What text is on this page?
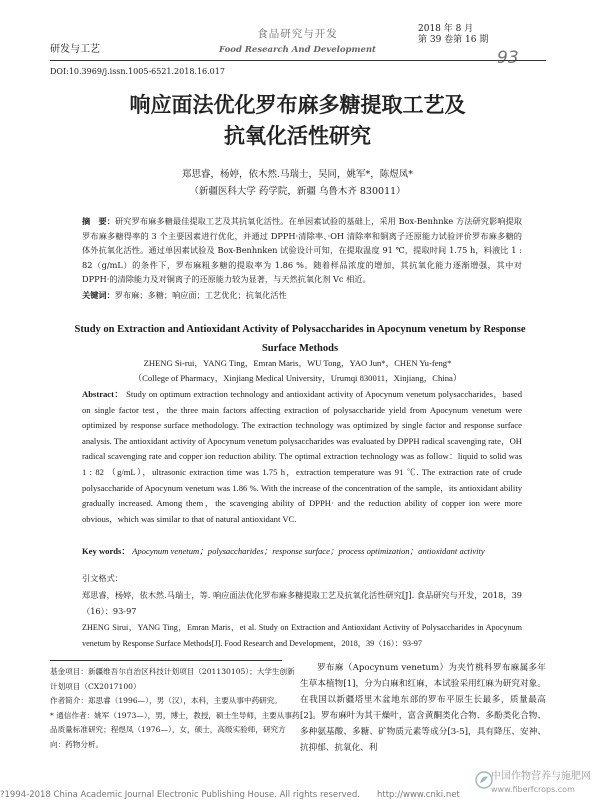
研发与工艺
食品研究与开发
Food Research And Development
2018 年 8 月
第 39 卷第 16 期
93
DOI:10.3969/j.issn.1005-6521.2018.16.017
响应面法优化罗布麻多糖提取工艺及
抗氧化活性研究
郑思睿，杨婷，依木然.马瑞士，吴同，姚军*，陈煜凤*
（新疆医科大学 药学院，新疆 乌鲁木齐 830011）
摘　要：研究罗布麻多糖最佳提取工艺及其抗氧化活性。在单因素试验的基础上，采用 Box-Benhnke 方法研究影响提取罗布麻多糖得率的 3 个主要因素进行优化，并通过 DPPH·清除率、·OH 清除率和铜离子还原能力试验评价罗布麻多糖的体外抗氧化活性。通过单因素试验及 Box-Benhnken 试验设计可知，在提取温度 91 ℃，提取时间 1.75 h，料液比 1 : 82（g/mL）的条件下，罗布麻粗多糖的提取率为 1.86 %。随着样品浓度的增加，其抗氧化能力逐渐增强，其中对 DPPH·的清除能力及对铜离子的还原能力较为显著，与天然抗氧化剂 Vc 相近。
关键词：罗布麻；多糖；响应面；工艺优化；抗氧化活性
Study on Extraction and Antioxidant Activity of Polysaccharides in Apocynum venetum by Response
Surface Methods
ZHENG Si-rui，YANG Ting，Emran Maris，WU Tong，YAO Jun*，CHEN Yu-feng*
（College of Pharmacy，Xinjiang Medical University，Urumqi 830011，Xinjiang，China）
Abstract： Study on optimum extraction technology and antioxidant activity of Apocynum venetum polysaccharides，based on single factor test，the three main factors affecting extraction of polysaccharide yield from Apocynum venetum were optimized by response surface methodology. The extraction technology was optimized by single factor and response surface analysis. The antioxidant activity of Apocynum venetum polysaccharides was evaluated by DPPH radical scavenging rate，OH radical scavenging rate and copper ion reduction ability. The optimal extraction technology was as follow：liquid to solid was 1 : 82 （g/mL），ultrasonic extraction time was 1.75 h，extraction temperature was 91 ℃. The extraction rate of crude polysaccharide of Apocynum venetum was 1.86 %. With the increase of the concentration of the sample，its antioxidant ability gradually increased. Among them，the scavenging ability of DPPH· and the reduction ability of copper ion were more obvious，which was similar to that of natural antioxidant VC.
Key words： Apocynum venetum；polysaccharides；response surface；process optimization；antioxidant activity
引文格式：
郑思睿，杨婷，依木然.马瑞士，等. 响应面法优化罗布麻多糖提取工艺及抗氧化活性研究[J]. 食品研究与开发，2018，39（16）：93-97
ZHENG Sirui，YANG Ting，Emran Maris，et al. Study on Extraction and Antioxidant Activity of Polysaccharides in Apocynum venetum by Response Surface Methods[J]. Food Research and Development，2018，39（16）：93-97
基金项目：新疆维吾尔自治区科技计划项目（201130105）；大学生创新计划项目（CX2017100）
作者简介：郑思睿（1996—），男（汉），本科，主要从事中药研究。
* 通信作者：姚军（1973—），男，博士，教授，硕士生导师，主要从事药品质量标准研究；程煜凤（1976—），女，硕士，高级实验师，研究方向：药物分析。
罗布麻（Apocynum venetum）为夹竹桃科罗布麻属多年生草本植物[1]，分为白麻和红麻，本试验采用红麻为研究对象。在我国以新疆塔里木盆地东部的罗布平原生长最多，质量最高[2]。罗布麻叶为其干燥叶，富含黄酮类化合物、多酚类化合物、多种氨基酸、多糖、矿物质元素等成分[3-5]，具有降压、安神、抗抑郁、抗氧化、利
?1994-2018 China Academic Journal Electronic Publishing House. All rights reserved.　　http://www.cnki.net
中国作物营养与施肥网
www.fiberfcrops.com
